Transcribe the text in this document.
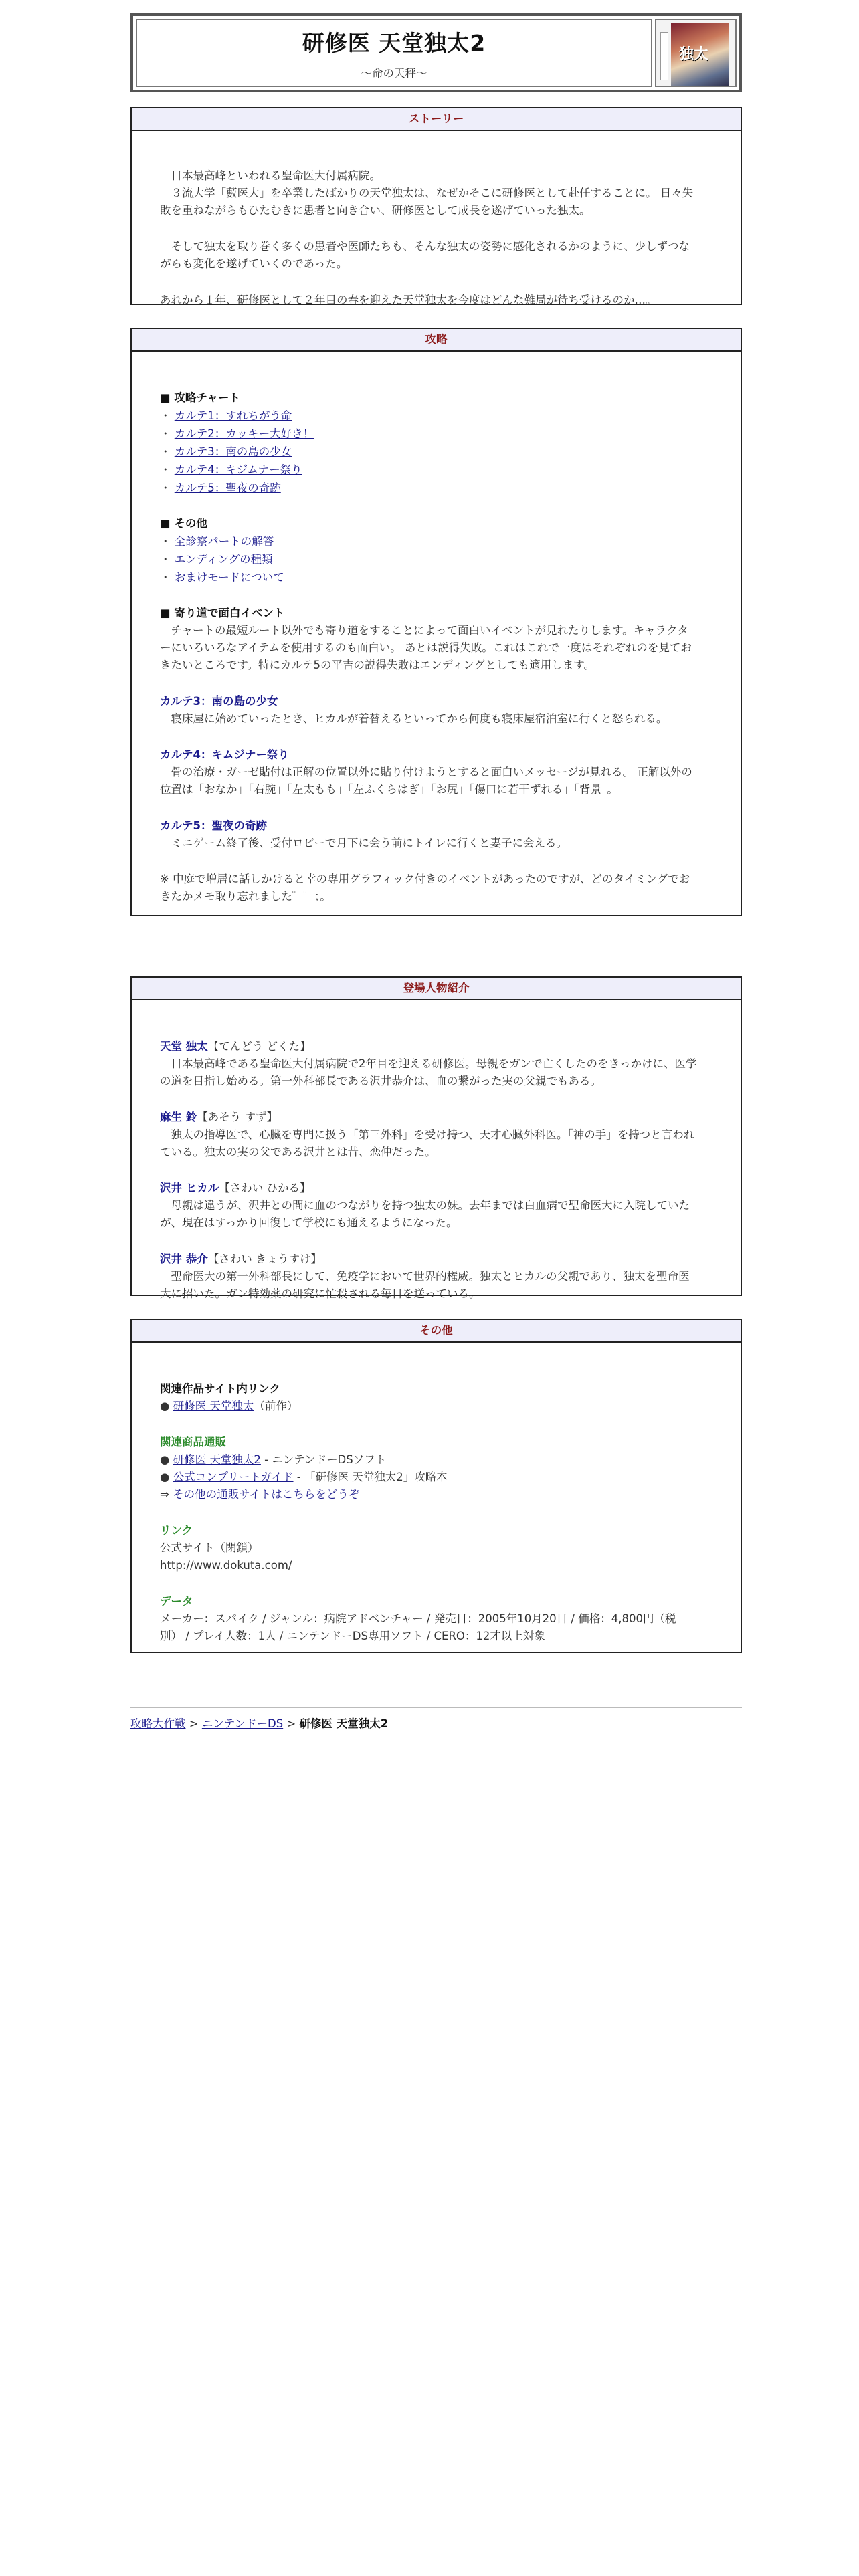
研修医 天堂独太2
～命の天秤～
独太
ストーリー
　日本最高峰といわれる聖命医大付属病院。
　３流大学「藪医大」を卒業したばかりの天堂独太は、なぜかそこに研修医として赴任することに。 日々失
敗を重ねながらもひたむきに患者と向き合い、研修医として成長を遂げていった独太。
　そして独太を取り巻く多くの患者や医師たちも、そんな独太の姿勢に感化されるかのように、少しずつな
がらも変化を遂げていくのであった。
あれから１年、研修医として２年目の春を迎えた天堂独太を今度はどんな難局が待ち受けるのか…。
攻略
■ 攻略チャート
・ カルテ1：すれちがう命
・ カルテ2：カッキー大好き！
・ カルテ3：南の島の少女
・ カルテ4：キジムナー祭り
・ カルテ5：聖夜の奇跡
■ その他
・ 全診察パートの解答
・ エンディングの種類
・ おまけモードについて
■ 寄り道で面白イベント
　チャートの最短ルート以外でも寄り道をすることによって面白いイベントが見れたりします。キャラクタ
ーにいろいろなアイテムを使用するのも面白い。 あとは説得失敗。これはこれで一度はそれぞれのを見てお
きたいところです。特にカルテ5の平吉の説得失敗はエンディングとしても適用します。
カルテ3：南の島の少女
　寝床屋に始めていったとき、ヒカルが着替えるといってから何度も寝床屋宿泊室に行くと怒られる。
カルテ4：キムジナー祭り
　骨の治療・ガーゼ貼付は正解の位置以外に貼り付けようとすると面白いメッセージが見れる。 正解以外の
位置は「おなか」「右腕」「左太もも」「左ふくらはぎ」「お尻」「傷口に若干ずれる」「背景」。
カルテ5：聖夜の奇跡
　ミニゲーム終了後、受付ロビーで月下に会う前にトイレに行くと妻子に会える。
※ 中庭で増居に話しかけると幸の専用グラフィック付きのイベントがあったのですが、どのタイミングでお
きたかメモ取り忘れました゜゜；。
登場人物紹介
天堂 独太【てんどう どくた】
　日本最高峰である聖命医大付属病院で2年目を迎える研修医。母親をガンで亡くしたのをきっかけに、医学
の道を目指し始める。第一外科部長である沢井恭介は、血の繋がった実の父親でもある。
麻生 鈴【あそう すず】
　独太の指導医で、心臓を専門に扱う「第三外科」を受け持つ、天才心臓外科医。「神の手」を持つと言われ
ている。独太の実の父である沢井とは昔、恋仲だった。
沢井 ヒカル【さわい ひかる】
　母親は違うが、沢井との間に血のつながりを持つ独太の妹。去年までは白血病で聖命医大に入院していた
が、現在はすっかり回復して学校にも通えるようになった。
沢井 恭介【さわい きょうすけ】
　聖命医大の第一外科部長にして、免疫学において世界的権威。独太とヒカルの父親であり、独太を聖命医
大に招いた。ガン特効薬の研究に忙殺される毎日を送っている。
その他
関連作品サイト内リンク
● 研修医 天堂独太（前作）
関連商品通販
● 研修医 天堂独太2 - ニンテンドーDSソフト
● 公式コンプリートガイド - 「研修医 天堂独太2」攻略本
⇒ その他の通販サイトはこちらをどうぞ
リンク
公式サイト（閉鎖）
http://www.dokuta.com/
データ
メーカー：スパイク / ジャンル：病院アドベンチャー / 発売日：2005年10月20日 / 価格：4,800円（税
別） / プレイ人数：1人 / ニンテンドーDS専用ソフト / CERO：12才以上対象
攻略大作戦 > ニンテンドーDS > 研修医 天堂独太2
